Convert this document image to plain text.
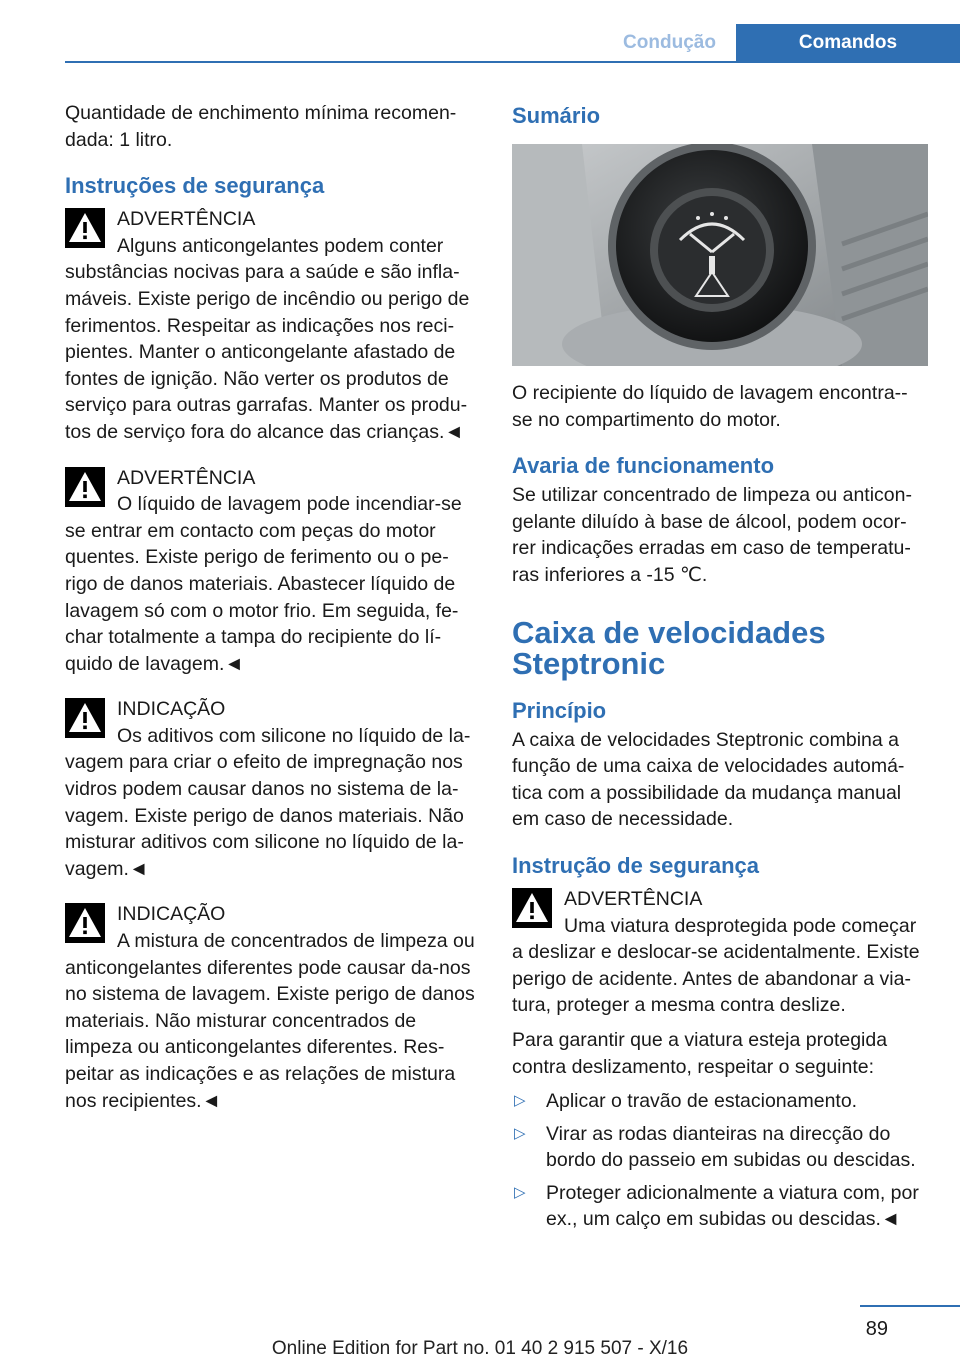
Condução	Comandos

Quantidade de enchimento mínima recomen-dada: 1 litro.

Instruções de segurança
ADVERTÊNCIA
Alguns anticongelantes podem conter substâncias nocivas para a saúde e são infla-máveis. Existe perigo de incêndio ou perigo de ferimentos. Respeitar as indicações nos reci-pientes. Manter o anticongelante afastado de fontes de ignição. Não verter os produtos de serviço para outras garrafas. Manter os produ-tos de serviço fora do alcance das crianças.◄
ADVERTÊNCIA
O líquido de lavagem pode incendiar-se se entrar em contacto com peças do motor quentes. Existe perigo de ferimento ou o pe-rigo de danos materiais. Abastecer líquido de lavagem só com o motor frio. Em seguida, fe-char totalmente a tampa do recipiente do lí-quido de lavagem.◄
INDICAÇÃO
Os aditivos com silicone no líquido de la-vagem para criar o efeito de impregnação nos vidros podem causar danos no sistema de la-vagem. Existe perigo de danos materiais. Não misturar aditivos com silicone no líquido de la-vagem.◄
INDICAÇÃO
A mistura de concentrados de limpeza ou anticongelantes diferentes pode causar da-nos no sistema de lavagem. Existe perigo de danos materiais. Não misturar concentrados de limpeza ou anticongelantes diferentes. Res-peitar as indicações e as relações de mistura nos recipientes.◄
Sumário

O recipiente do líquido de lavagem encontra--se no compartimento do motor.

Avaria de funcionamento

Se utilizar concentrado de limpeza ou anticon-gelante diluído à base de álcool, podem ocor-rer indicações erradas em caso de temperatu-ras inferiores a -15 ℃.

Caixa de velocidades Steptronic
Princípio

A caixa de velocidades Steptronic combina a função de uma caixa de velocidades automá-tica com a possibilidade da mudança manual em caso de necessidade.

Instrução de segurança
ADVERTÊNCIA
Uma viatura desprotegida pode começar a deslizar e deslocar-se acidentalmente. Existe perigo de acidente. Antes de abandonar a via-tura, proteger a mesma contra deslize.

Para garantir que a viatura esteja protegida contra deslizamento, respeitar o seguinte:

▷ Aplicar o travão de estacionamento.
▷ Virar as rodas dianteiras na direcção do bordo do passeio em subidas ou descidas.
▷ Proteger adicionalmente a viatura com, por ex., um calço em subidas ou descidas.◄
89
Online Edition for Part no. 01 40 2 915 507 - X/16
